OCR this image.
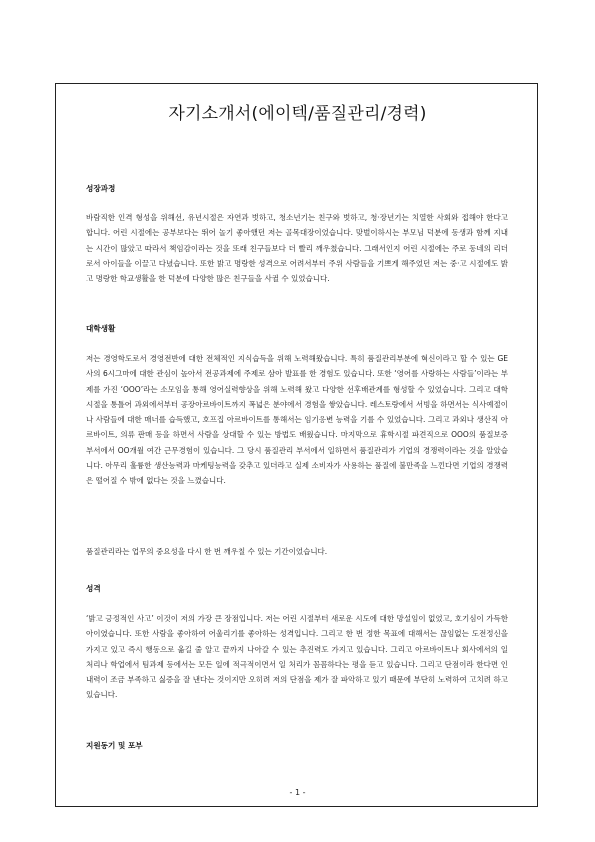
자기소개서(에이텍/품질관리/경력)
성장과정

바람직한 인격 형성을 위해선, 유년시절은 자연과 벗하고, 청소년기는 친구와 벗하고, 청·장년기는 치열한 사회와 접해야 한다고 합니다. 어린 시절에는 공부보다는 뛰어 놀기 좋아했던 저는 골목대장이었습니다. 맞벌이하시는 부모님 덕분에 동생과 함께 지내는 시간이 많았고 따라서 책임감이라는 것을 또래 친구들보다 더 빨리 깨우쳤습니다. 그래서인지 어린 시절에는 주로 동네의 리더로서 아이들을 이끌고 다녔습니다. 또한 밝고 명랑한 성격으로 어려서부터 주위 사람들을 기쁘게 해주었던 저는 중·고 시절에도 밝고 명랑한 학교생활을 한 덕분에 다양한 많은 친구들을 사귈 수 있었습니다.

대학생활

저는 경영학도로서 경영전반에 대한 전체적인 지식습득을 위해 노력해왔습니다. 특히 품질관리부분에 혁신이라고 할 수 있는 GE사의 6시그마에 대한 관심이 높아서 전공과제에 주제로 삼아 발표를 한 경험도 있습니다. 또한 ‘영어를 사랑하는 사람들’이라는 부제를 가진 ‘OOO’라는 소모임을 통해 영어실력향상을 위해 노력해 왔고 다양한 선후배관계를 형성할 수 있었습니다. 그리고 대학시절을 통틀어 과외에서부터 공장아르바이트까지 폭넓은 분야에서 경험을 쌓았습니다. 레스토랑에서 서빙을 하면서는 식사예절이나 사람들에 대한 매너를 습득했고, 호프집 아르바이트를 통해서는 임기응변 능력을 기를 수 있었습니다. 그리고 과외나 생산직 아르바이트, 의류 판매 등을 하면서 사람을 상대할 수 있는 방법도 배웠습니다. 마지막으로 휴학시절 파견직으로 OOO의 품질보증 부서에서 OO개월 여간 근무경험이 있습니다. 그 당시 품질관리 부서에서 일하면서 품질관리가 기업의 경쟁력이라는 것을 알았습니다. 아무리 훌륭한 생산능력과 마케팅능력을 갖추고 있더라고 실제 소비자가 사용하는 품질에 불만족을 느낀다면 기업의 경쟁력은 떨어질 수 밖에 없다는 것을 느꼈습니다.

품질관리라는 업무의 중요성을 다시 한 번 깨우칠 수 있는 기간이었습니다.

성격

‘밝고 긍정적인 사고’ 이것이 저의 가장 큰 장점입니다. 저는 어린 시절부터 새로운 시도에 대한 망설임이 없었고, 호기심이 가득한 아이였습니다. 또한 사람을 좋아하여 어울리기를 좋아하는 성격입니다. 그리고 한 번 정한 목표에 대해서는 끊임없는 도전정신을 가지고 있고 즉시 행동으로 옮길 줄 알고 끝까지 나아갈 수 있는 추진력도 가지고 있습니다. 그리고 아르바이트나 회사에서의 일 처리나 학업에서 팀과제 등에서는 모든 일에 적극적이면서 일 처리가 꼼꼼하다는 평을 듣고 있습니다. 그리고 단점이라 한다면 인내력이 조금 부족하고 싫증을 잘 낸다는 것이지만 오히려 저의 단점을 제가 잘 파악하고 있기 때문에 부단히 노력하여 고치려 하고 있습니다.

지원동기 및 포부
- 1 -
